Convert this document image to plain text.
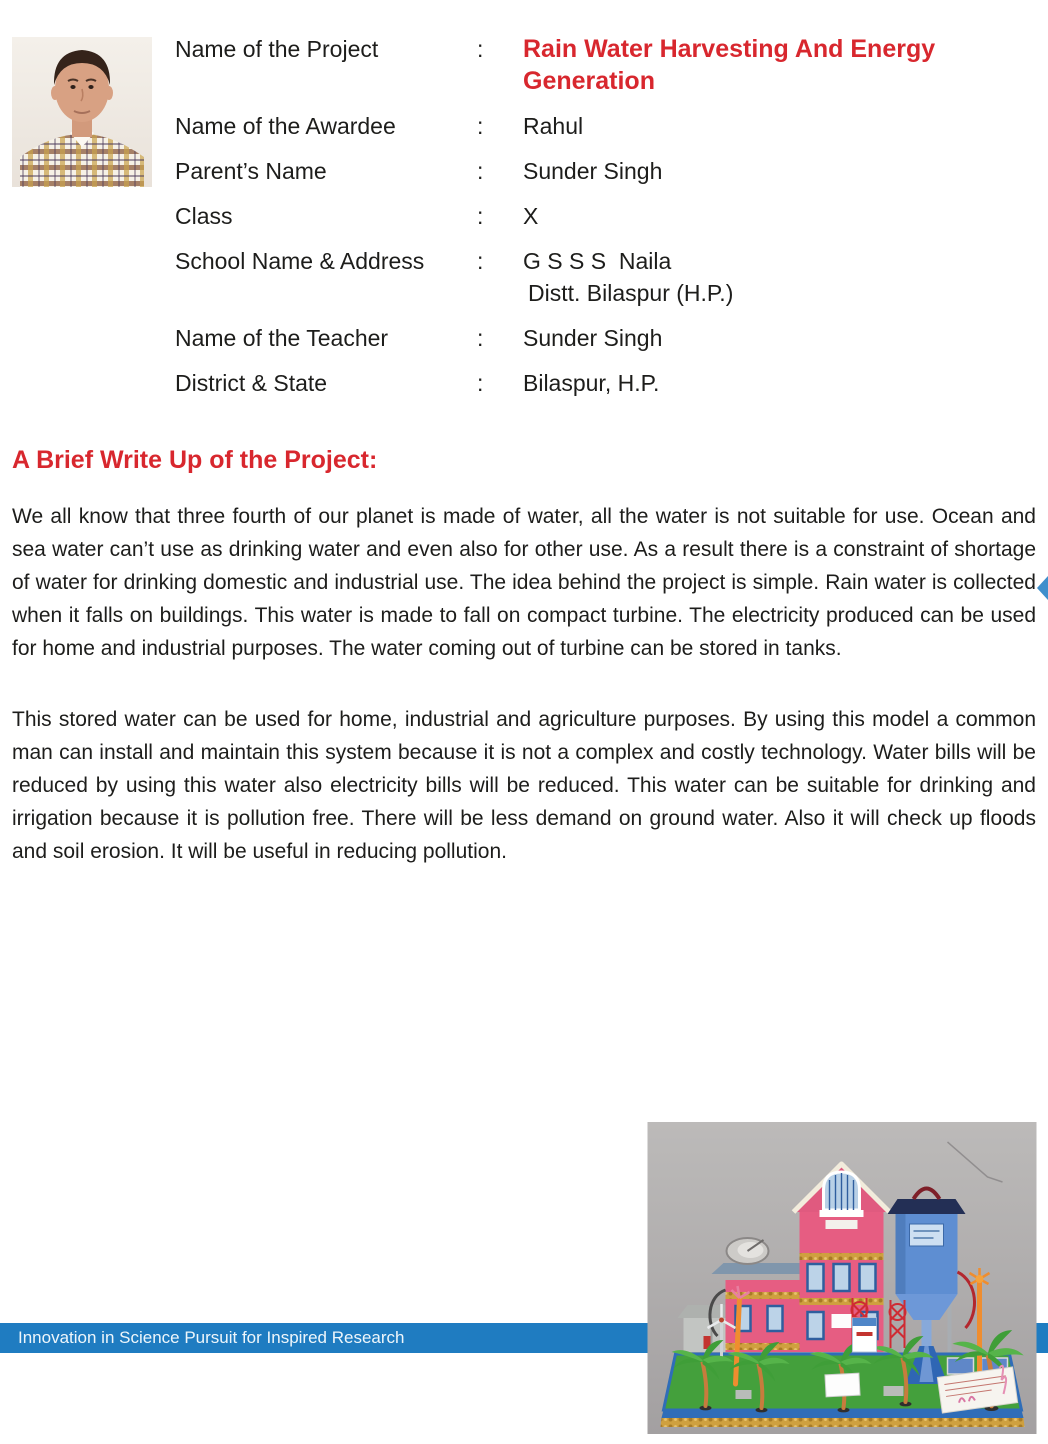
Name of the Project	:	Rain Water Harvesting And Energy Generation
Name of the Awardee	:	Rahul
Parent’s Name	:	Sunder Singh
Class	:	X
School Name & Address	:	G S S S  Naila
Distt. Bilaspur (H.P.)
Name of the Teacher	:	Sunder Singh
District & State	:	Bilaspur, H.P.
A Brief Write Up of the Project:
We all know that three fourth of our planet is made of water, all the water is not suitable for use. Ocean and sea water can’t use as drinking water and even also for other use. As a result there is a constraint of shortage of water for drinking domestic and industrial use. The idea behind the project is simple. Rain water is collected when it falls on buildings. This water is made to fall on compact turbine. The electricity produced can be used for home and industrial purposes. The water coming out of turbine can be stored in tanks.
This stored water can be used for home, industrial and agriculture purposes. By using this model a common man can install and maintain this system because it is not a complex and costly technology. Water bills will be reduced by using this water also electricity bills will be reduced. This water can be suitable for drinking and irrigation because it is pollution free. There will be less demand on ground water. Also it will check up floods and soil erosion. It will be useful in reducing pollution.
Innovation in Science Pursuit for Inspired Research
